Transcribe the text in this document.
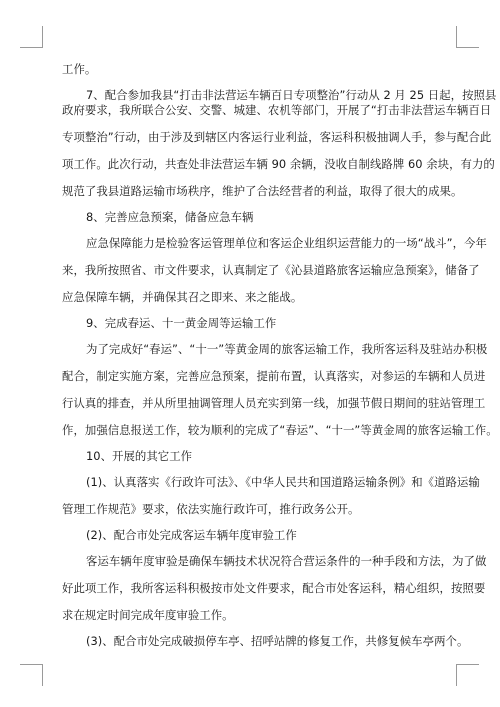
工作。
7、配合参加我县“打击非法营运车辆百日专项整治”行动从 2 月 25 日起，按照县
政府要求，我所联合公安、交警、城建、农机等部门，开展了“打击非法营运车辆百日
专项整治”行动，由于涉及到辖区内客运行业利益，客运科积极抽调人手，参与配合此
项工作。此次行动，共查处非法营运车辆 90 余辆，没收自制线路牌 60 余块，有力的
规范了我县道路运输市场秩序，维护了合法经营者的利益，取得了很大的成果。
8、完善应急预案，储备应急车辆
应急保障能力是检验客运管理单位和客运企业组织运营能力的一场“战斗”，今年
来，我所按照省、市文件要求，认真制定了《沁县道路旅客运输应急预案》，储备了
应急保障车辆，并确保其召之即来、来之能战。
9、完成春运、十一黄金周等运输工作
为了完成好“春运”、“十一”等黄金周的旅客运输工作，我所客运科及驻站办积极
配合，制定实施方案，完善应急预案，提前布置，认真落实，对参运的车辆和人员进
行认真的排查，并从所里抽调管理人员充实到第一线，加强节假日期间的驻站管理工
作，加强信息报送工作，较为顺利的完成了“春运”、“十一”等黄金周的旅客运输工作。
10、开展的其它工作
(1)、认真落实《行政许可法》、《中华人民共和国道路运输条例》和《道路运输
管理工作规范》要求，依法实施行政许可，推行政务公开。
(2)、配合市处完成客运车辆年度审验工作
客运车辆年度审验是确保车辆技术状况符合营运条件的一种手段和方法，为了做
好此项工作，我所客运科积极按市处文件要求，配合市处客运科，精心组织，按照要
求在规定时间完成年度审验工作。
(3)、配合市处完成破损停车亭、招呼站牌的修复工作，共修复候车亭两个。
